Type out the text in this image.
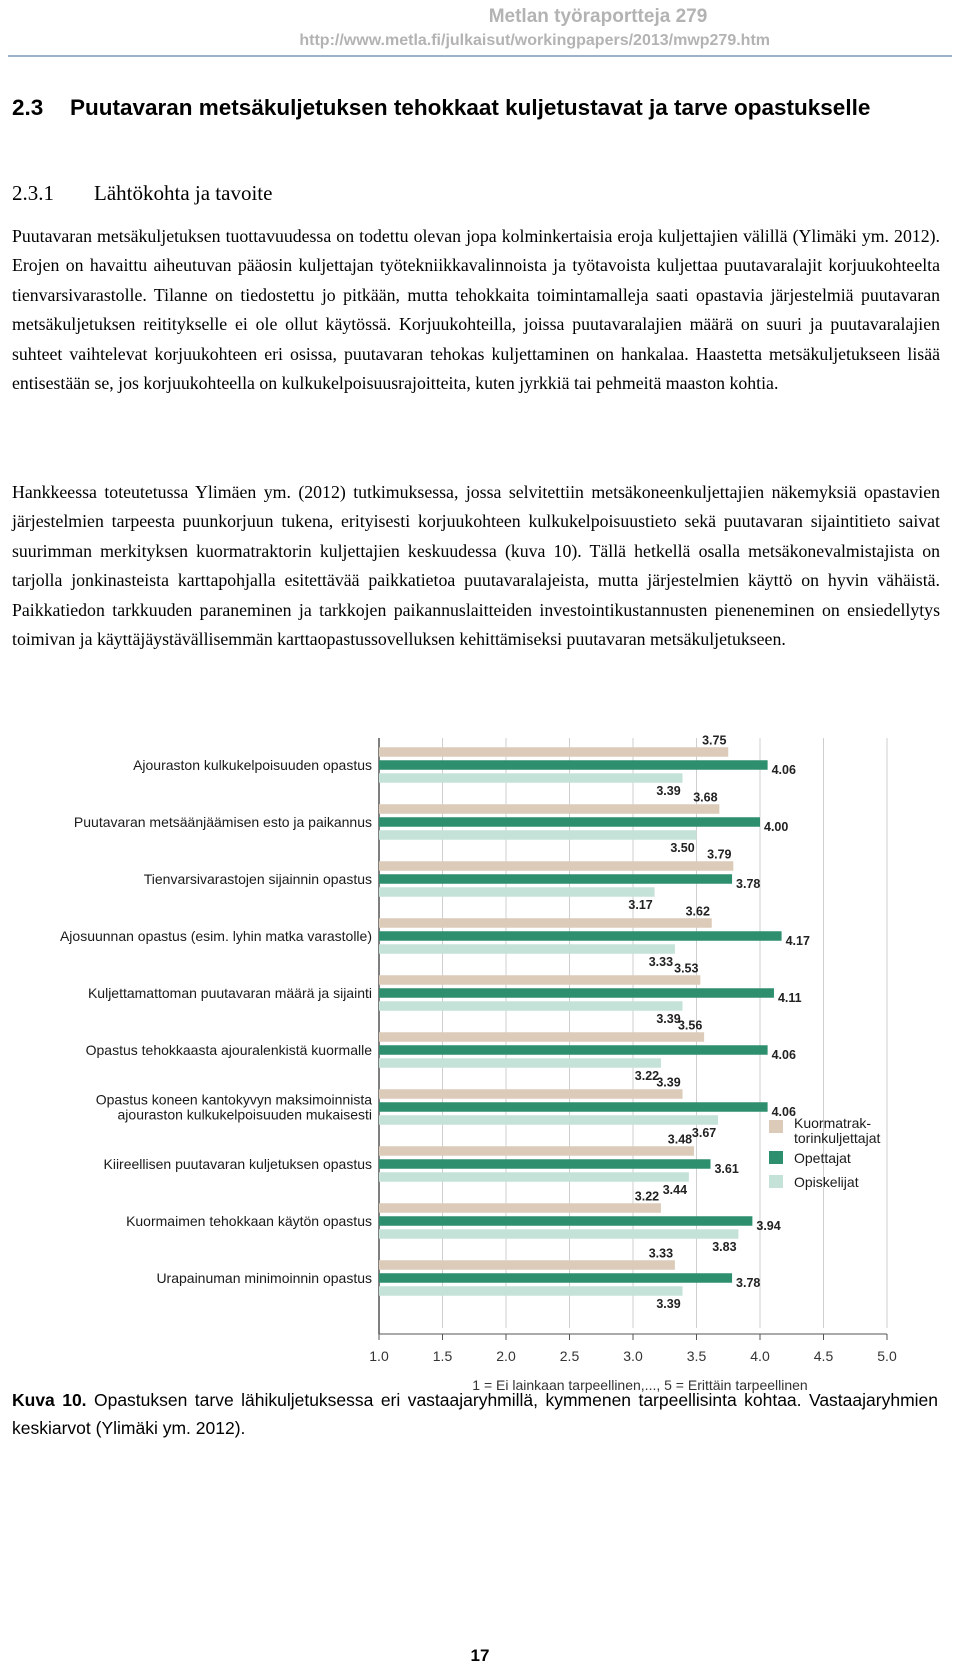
Metlan työraportteja 279
http://www.metla.fi/julkaisut/workingpapers/2013/mwp279.htm
2.3 Puutavaran metsäkuljetuksen tehokkaat kuljetustavat ja tarve opastukselle
2.3.1 Lähtökohta ja tavoite

Puutavaran metsäkuljetuksen tuottavuudessa on todettu olevan jopa kolminkertaisia eroja kuljettajien välillä (Ylimäki ym. 2012). Erojen on havaittu aiheutuvan pääosin kuljettajan työtekniikkavalinnoista ja työtavoista kuljettaa puutavaralajit korjuukohteelta tienvarsivarastolle. Tilanne on tiedostettu jo pitkään, mutta tehokkaita toimintamalleja saati opastavia järjestelmiä puutavaran metsäkuljetuksen reititykselle ei ole ollut käytössä. Korjuukohteilla, joissa puutavaralajien määrä on suuri ja puutavaralajien suhteet vaihtelevat korjuukohteen eri osissa, puutavaran tehokas kuljettaminen on hankalaa. Haastetta metsäkuljetukseen lisää entisestään se, jos korjuukohteella on kulkukelpoisuusrajoitteita, kuten jyrkkiä tai pehmeitä maaston kohtia.

Hankkeessa toteutetussa Ylimäen ym. (2012) tutkimuksessa, jossa selvitettiin metsäkoneenkuljettajien näkemyksiä opastavien järjestelmien tarpeesta puunkorjuun tukena, erityisesti korjuukohteen kulkukelpoisuustieto sekä puutavaran sijaintitieto saivat suurimman merkityksen kuormatraktorin kuljettajien keskuudessa (kuva 10). Tällä hetkellä osalla metsäkonevalmistajista on tarjolla jonkinasteista karttapohjalla esitettävää paikkatietoa puutavaralajeista, mutta järjestelmien käyttö on hyvin vähäistä. Paikkatiedon tarkkuuden paraneminen ja tarkkojen paikannuslaitteiden investointikustannusten pieneneminen on ensiedellytys toimivan ja käyttäjäystävällisemmän karttaopastussovelluksen kehittämiseksi puutavaran metsäkuljetukseen.

1.0	1.5	2.0	2.5	3.0	3.5	4.0	4.5	5.0
1 = Ei lainkaan tarpeellinen,..., 5 = Erittäin tarpeellinen
Ajouraston kulkukelpoisuuden opastus
3.75
4.06
3.39
Puutavaran metsäänjäämisen esto ja paikannus
3.68
4.00
3.50
Tienvarsivarastojen sijainnin opastus
3.79
3.78
3.17
Ajosuunnan opastus (esim. lyhin matka varastolle)
3.62
4.17
3.33
Kuljettamattoman puutavaran määrä ja sijainti
3.53
4.11
3.39
Opastus tehokkaasta ajouralenkistä kuormalle
3.56
4.06
3.22
Opastus koneen kantokyvyn maksimoinnista
ajouraston kulkukelpoisuuden mukaisesti
3.39
4.06
3.67
Kiireellisen puutavaran kuljetuksen opastus
3.48
3.61
3.44
Kuormaimen tehokkaan käytön opastus
3.22
3.94
3.83
Urapainuman minimoinnin opastus
3.33
3.78
3.39
Kuormatrak-
torinkuljettajat
Opettajat
Opiskelijat
Kuva 10. Opastuksen tarve lähikuljetuksessa eri vastaajaryhmillä, kymmenen tarpeellisinta kohtaa. Vastaajaryhmien keskiarvot (Ylimäki ym. 2012).
17
